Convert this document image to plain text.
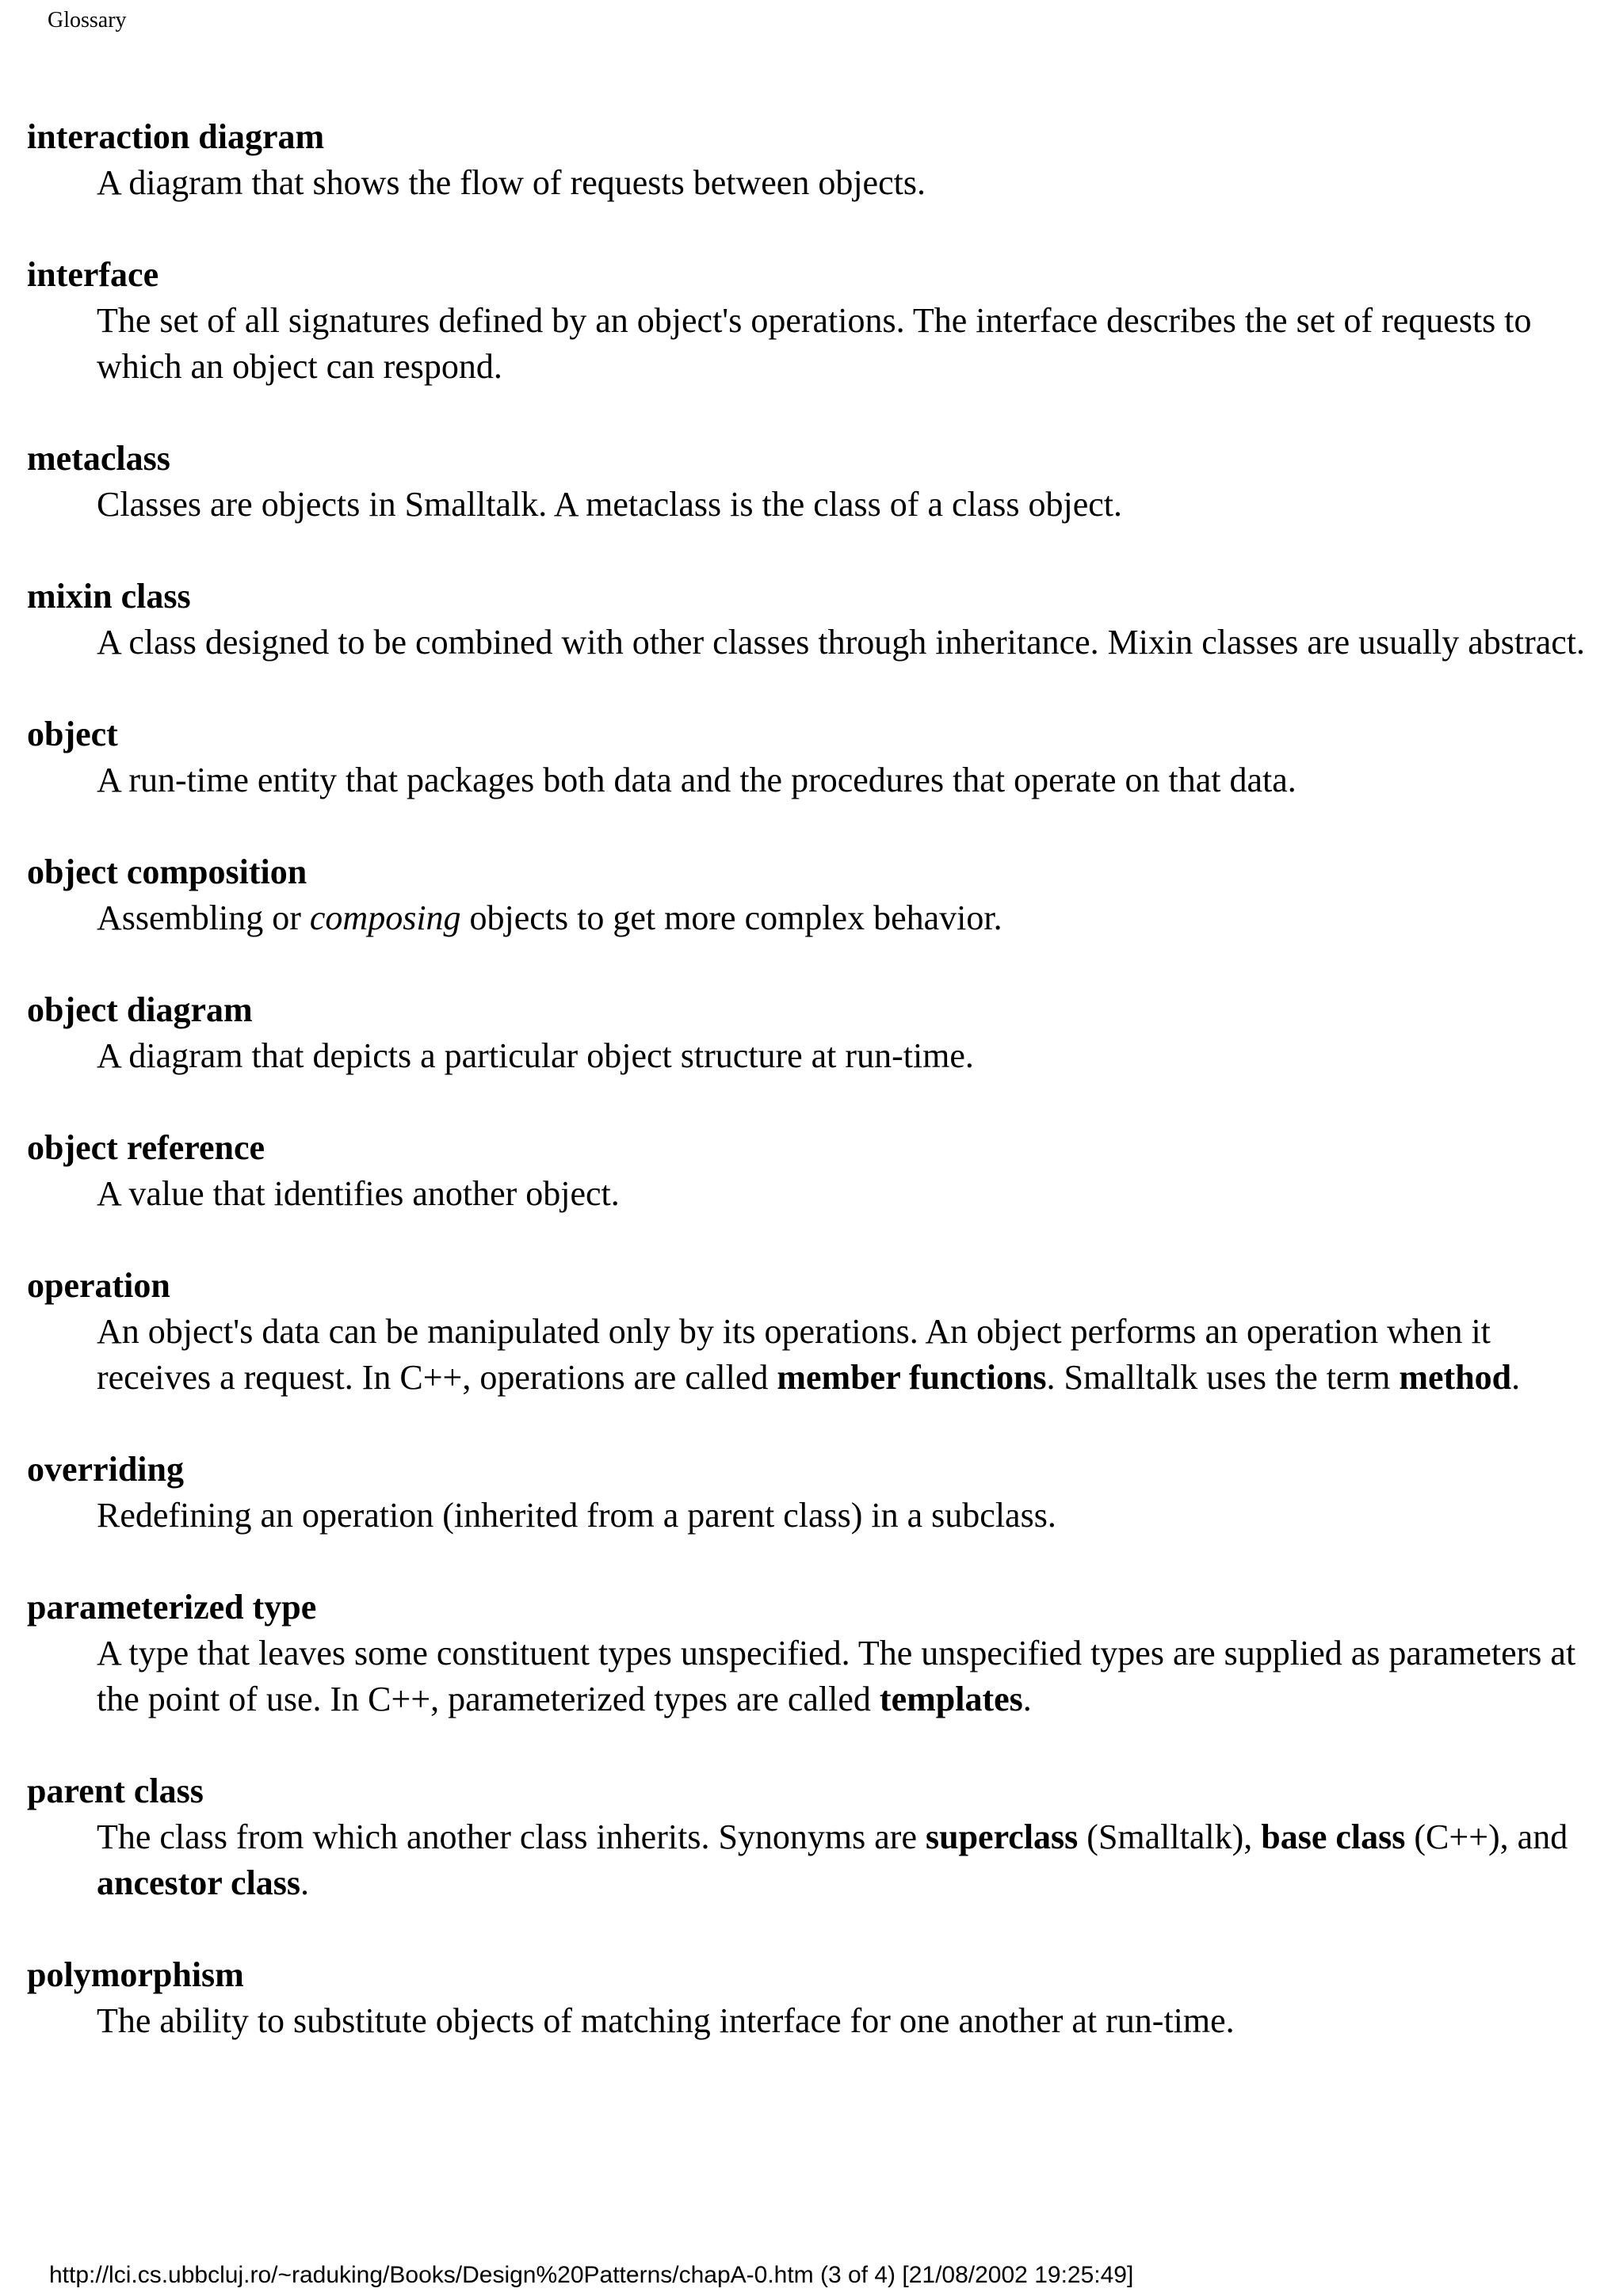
Glossary
interaction diagram
A diagram that shows the flow of requests between objects.
interface
The set of all signatures defined by an object's operations. The interface describes the set of requests to which an object can respond.
metaclass
Classes are objects in Smalltalk. A metaclass is the class of a class object.
mixin class
A class designed to be combined with other classes through inheritance. Mixin classes are usually abstract.
object
A run-time entity that packages both data and the procedures that operate on that data.
object composition
Assembling or composing objects to get more complex behavior.
object diagram
A diagram that depicts a particular object structure at run-time.
object reference
A value that identifies another object.
operation
An object's data can be manipulated only by its operations. An object performs an operation when it receives a request. In C++, operations are called member functions. Smalltalk uses the term method.
overriding
Redefining an operation (inherited from a parent class) in a subclass.
parameterized type
A type that leaves some constituent types unspecified. The unspecified types are supplied as parameters at the point of use. In C++, parameterized types are called templates.
parent class
The class from which another class inherits. Synonyms are superclass (Smalltalk), base class (C++), and ancestor class.
polymorphism
The ability to substitute objects of matching interface for one another at run-time.
http://lci.cs.ubbcluj.ro/~raduking/Books/Design%20Patterns/chapA-0.htm (3 of 4) [21/08/2002 19:25:49]
